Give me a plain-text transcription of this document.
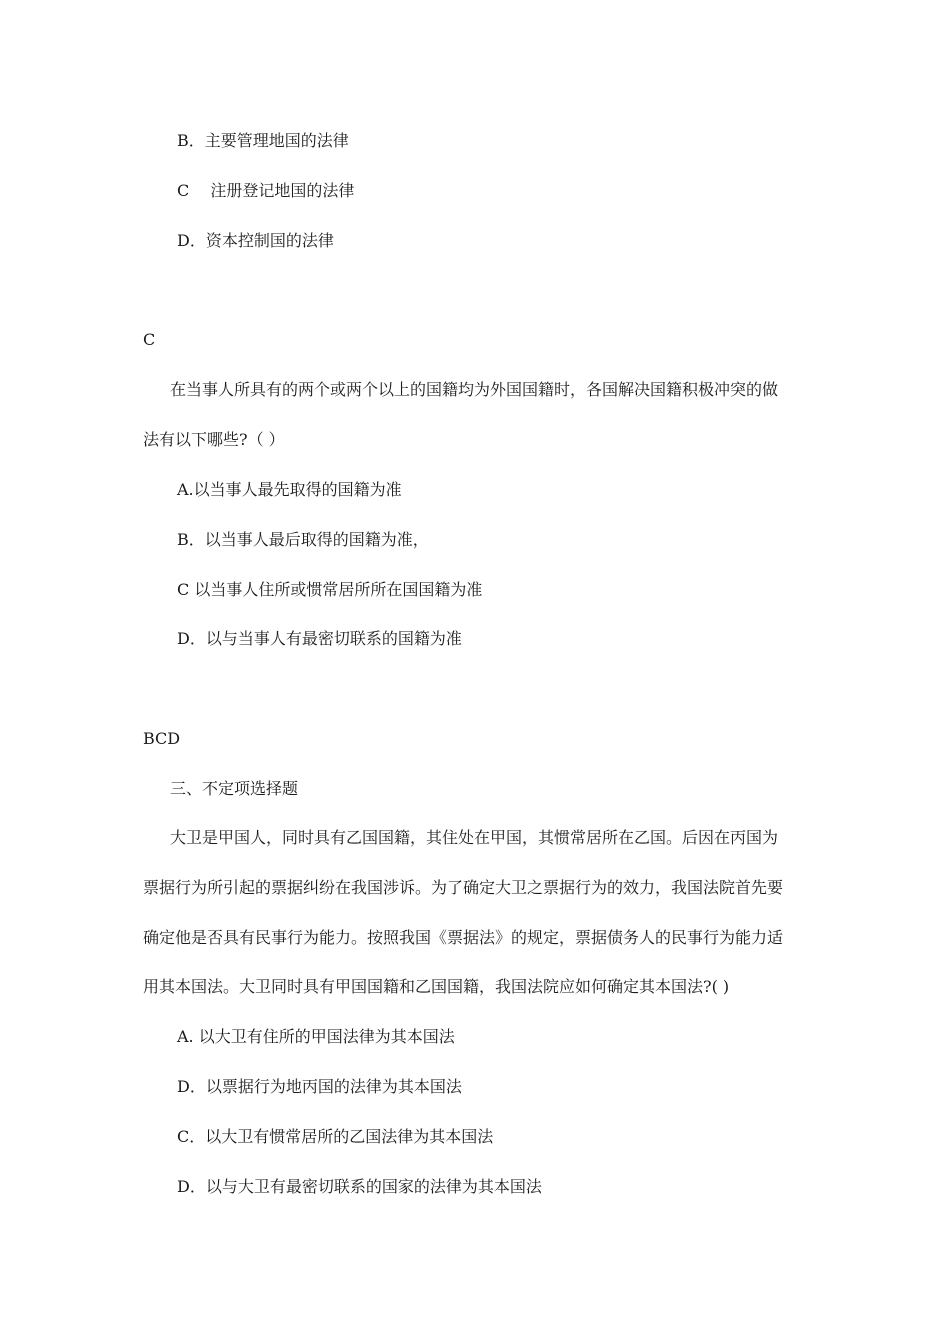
B．主要管理地国的法律
C　 注册登记地国的法律
D．资本控制国的法律
C
在当事人所具有的两个或两个以上的国籍均为外国国籍时，各国解决国籍积极冲突的做
法有以下哪些?（ ）
A.以当事人最先取得的国籍为准
B．以当事人最后取得的国籍为准，
C 以当事人住所或惯常居所所在国国籍为准
D．以与当事人有最密切联系的国籍为准
BCD
三、不定项选择题
大卫是甲国人，同时具有乙国国籍，其住处在甲国，其惯常居所在乙国。后因在丙国为
票据行为所引起的票据纠纷在我国涉诉。为了确定大卫之票据行为的效力，我国法院首先要
确定他是否具有民事行为能力。按照我国《票据法》的规定，票据债务人的民事行为能力适
用其本国法。大卫同时具有甲国国籍和乙国国籍，我国法院应如何确定其本国法?( )
A. 以大卫有住所的甲国法律为其本国法
D．以票据行为地丙国的法律为其本国法
C．以大卫有惯常居所的乙国法律为其本国法
D．以与大卫有最密切联系的国家的法律为其本国法
